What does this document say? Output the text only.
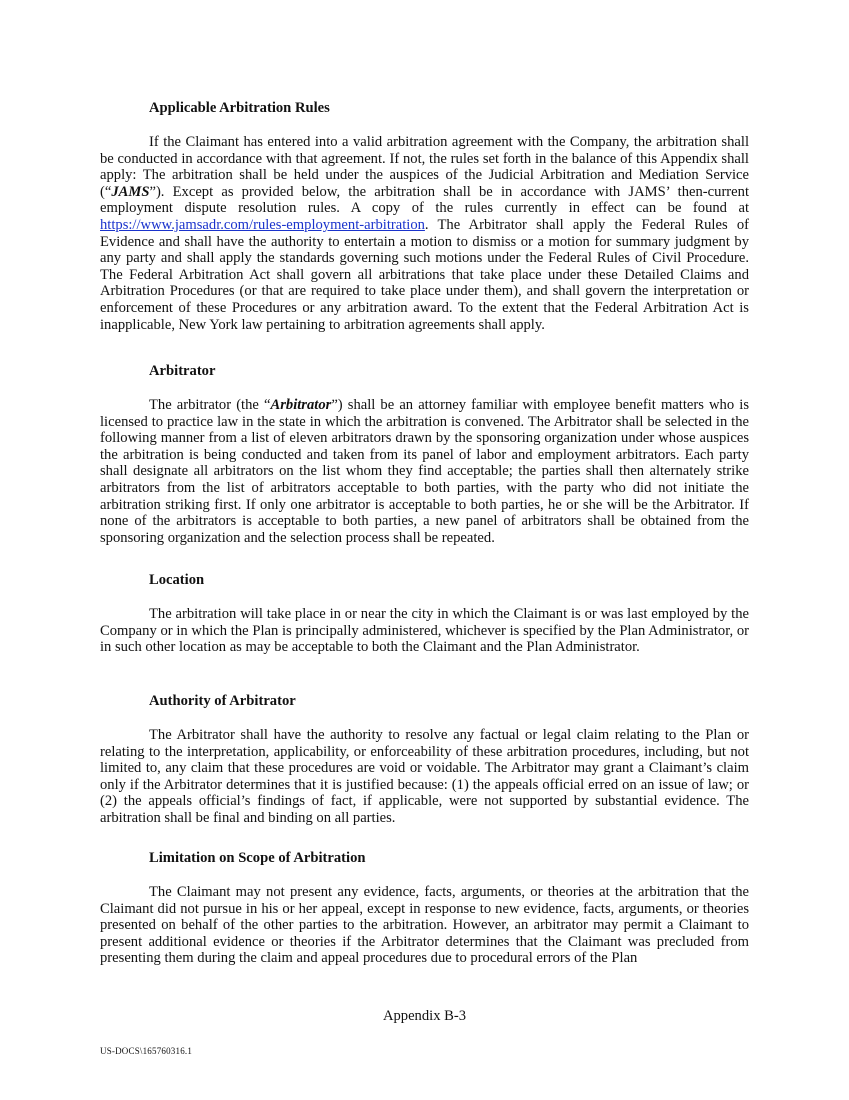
Applicable Arbitration Rules

If the Claimant has entered into a valid arbitration agreement with the Company, the arbitration shall be conducted in accordance with that agreement. If not, the rules set forth in the balance of this Appendix shall apply: The arbitration shall be held under the auspices of the Judicial Arbitration and Mediation Service (“JAMS”). Except as provided below, the arbitration shall be in accordance with JAMS’ then-current employment dispute resolution rules. A copy of the rules currently in effect can be found at https://www.jamsadr.com/rules-employment-arbitration. The Arbitrator shall apply the Federal Rules of Evidence and shall have the authority to entertain a motion to dismiss or a motion for summary judgment by any party and shall apply the standards governing such motions under the Federal Rules of Civil Procedure. The Federal Arbitration Act shall govern all arbitrations that take place under these Detailed Claims and Arbitration Procedures (or that are required to take place under them), and shall govern the interpretation or enforcement of these Procedures or any arbitration award. To the extent that the Federal Arbitration Act is inapplicable, New York law pertaining to arbitration agreements shall apply.

Arbitrator

The arbitrator (the “Arbitrator”) shall be an attorney familiar with employee benefit matters who is licensed to practice law in the state in which the arbitration is convened. The Arbitrator shall be selected in the following manner from a list of eleven arbitrators drawn by the sponsoring organization under whose auspices the arbitration is being conducted and taken from its panel of labor and employment arbitrators. Each party shall designate all arbitrators on the list whom they find acceptable; the parties shall then alternately strike arbitrators from the list of arbitrators acceptable to both parties, with the party who did not initiate the arbitration striking first. If only one arbitrator is acceptable to both parties, he or she will be the Arbitrator. If none of the arbitrators is acceptable to both parties, a new panel of arbitrators shall be obtained from the sponsoring organization and the selection process shall be repeated.

Location

The arbitration will take place in or near the city in which the Claimant is or was last employed by the Company or in which the Plan is principally administered, whichever is specified by the Plan Administrator, or in such other location as may be acceptable to both the Claimant and the Plan Administrator.

Authority of Arbitrator

The Arbitrator shall have the authority to resolve any factual or legal claim relating to the Plan or relating to the interpretation, applicability, or enforceability of these arbitration procedures, including, but not limited to, any claim that these procedures are void or voidable. The Arbitrator may grant a Claimant’s claim only if the Arbitrator determines that it is justified because: (1) the appeals official erred on an issue of law; or (2) the appeals official’s findings of fact, if applicable, were not supported by substantial evidence. The arbitration shall be final and binding on all parties.

Limitation on Scope of Arbitration

The Claimant may not present any evidence, facts, arguments, or theories at the arbitration that the Claimant did not pursue in his or her appeal, except in response to new evidence, facts, arguments, or theories presented on behalf of the other parties to the arbitration. However, an arbitrator may permit a Claimant to present additional evidence or theories if the Arbitrator determines that the Claimant was precluded from presenting them during the claim and appeal procedures due to procedural errors of the Plan

Appendix B-3
US-DOCS\165760316.1
